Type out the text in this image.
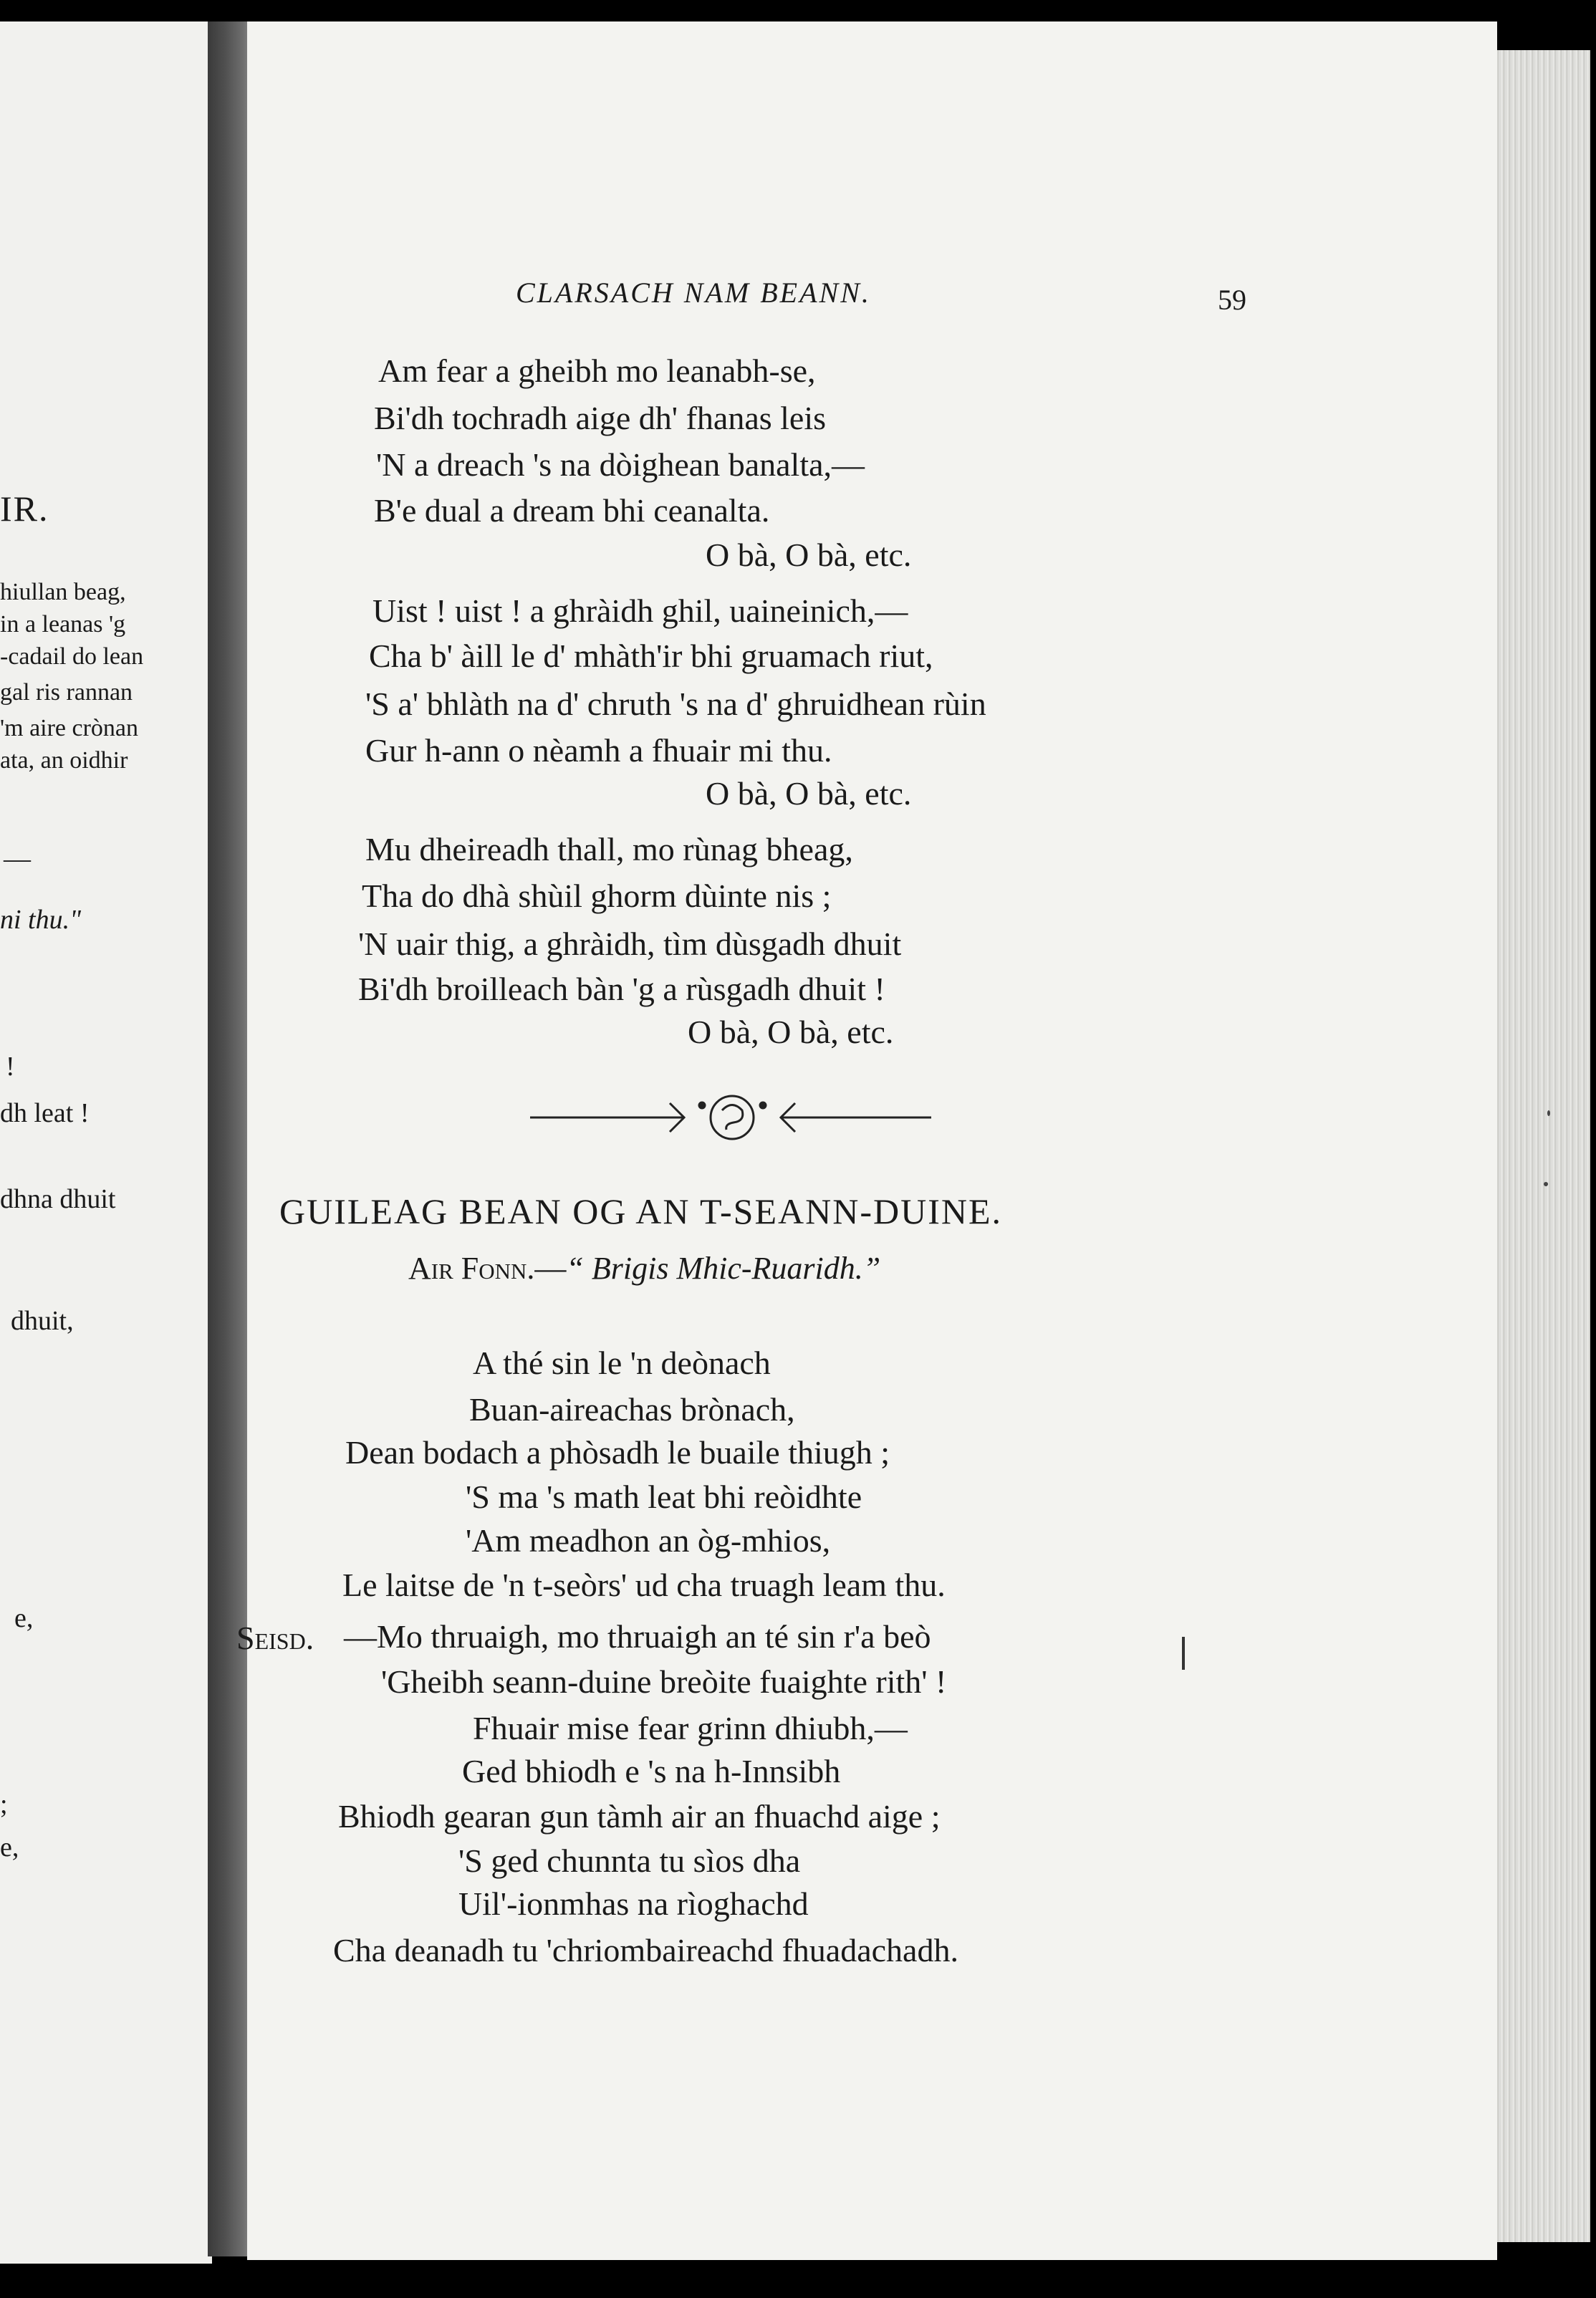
IR.
hiullan beag,
in a leanas 'g
-cadail do lean
gal ris rannan
'm aire crònan
ata, an oidhir
—
ni thu."
!
dh leat !
dhna dhuit
dhuit,
e,
;
e,
CLARSACH NAM BEANN.	59
Am fear a gheibh mo leanabh-se,
Bi'dh tochradh aige dh' fhanas leis
'N a dreach 's na dòighean banalta,—
B'e dual a dream bhi ceanalta.
O bà, O bà, etc.
Uist ! uist ! a ghràidh ghil, uaineinich,—
Cha b' àill le d' mhàth'ir bhi gruamach riut,
'S a' bhlàth na d' chruth 's na d' ghruidhean rùin
Gur h-ann o nèamh a fhuair mi thu.
O bà, O bà, etc.
Mu dheireadh thall, mo rùnag bheag,
Tha do dhà shùil ghorm dùinte nis ;
'N uair thig, a ghràidh, tìm dùsgadh dhuit
Bi'dh broilleach bàn 'g a rùsgadh dhuit !
O bà, O bà, etc.
GUILEAG BEAN OG AN T-SEANN-DUINE.
Air Fonn.—“ Brigis Mhic-Ruaridh.”
A thé sin le 'n deònach
Buan-aireachas brònach,
Dean bodach a phòsadh le buaile thiugh ;
'S ma 's math leat bhi reòidhte
'Am meadhon an òg-mhios,
Le laitse de 'n t-seòrs' ud cha truagh leam thu.
Seisd. —Mo thruaigh, mo thruaigh an té sin r'a beò
'Gheibh seann-duine breòite fuaighte rith' !
Fhuair mise fear grinn dhiubh,—
Ged bhiodh e 's na h-Innsibh
Bhiodh gearan gun tàmh air an fhuachd aige ;
'S ged chunnta tu sìos dha
Uil'-ionmhas na rìoghachd
Cha deanadh tu 'chriombaireachd fhuadachadh.
